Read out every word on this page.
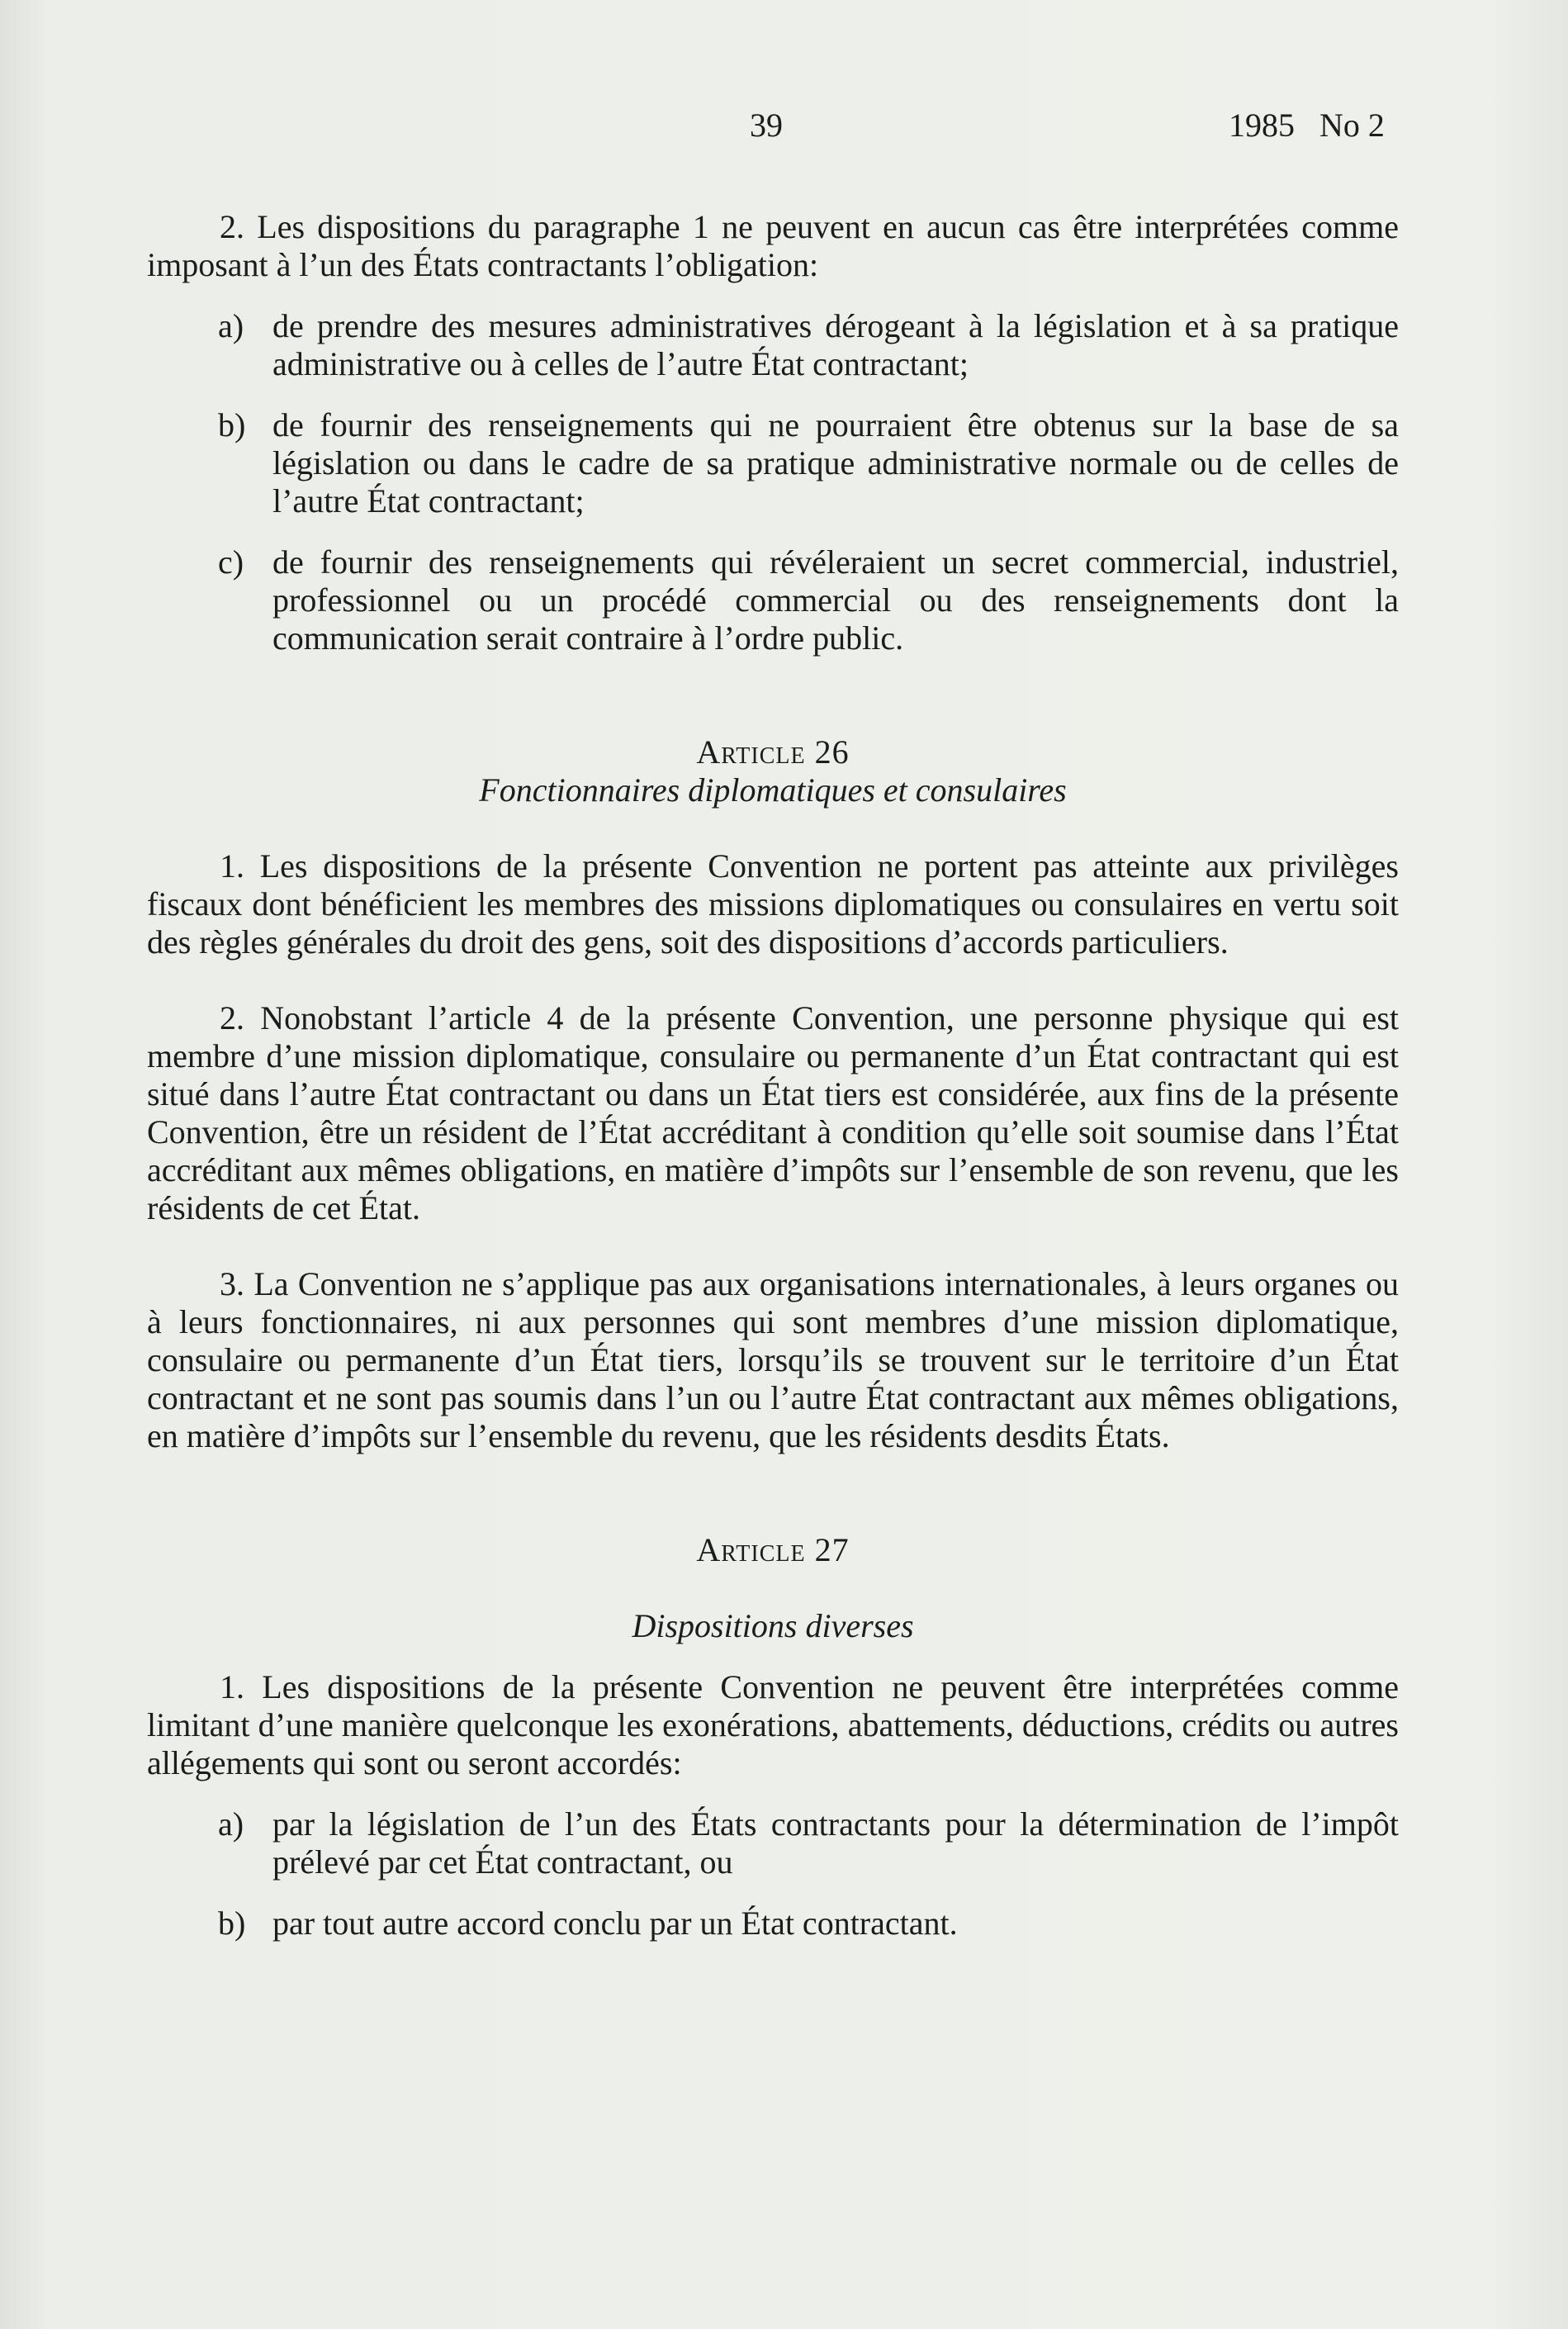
39	1985 No 2

2. Les dispositions du paragraphe 1 ne peuvent en aucun cas être interprétées comme imposant à l’un des États contractants l’obligation:

a) de prendre des mesures administratives dérogeant à la législation et à sa pratique administrative ou à celles de l’autre État contractant;

b) de fournir des renseignements qui ne pourraient être obtenus sur la base de sa législation ou dans le cadre de sa pratique administrative normale ou de celles de l’autre État contractant;

c) de fournir des renseignements qui révéleraient un secret commercial, industriel, professionnel ou un procédé commercial ou des renseignements dont la communication serait contraire à l’ordre public.

Article 26

Fonctionnaires diplomatiques et consulaires

1. Les dispositions de la présente Convention ne portent pas atteinte aux privilèges fiscaux dont bénéficient les membres des missions diplomatiques ou consulaires en vertu soit des règles générales du droit des gens, soit des dispositions d’accords particuliers.

2. Nonobstant l’article 4 de la présente Convention, une personne physique qui est membre d’une mission diplomatique, consulaire ou permanente d’un État contractant qui est situé dans l’autre État contractant ou dans un État tiers est considérée, aux fins de la présente Convention, être un résident de l’État accréditant à condition qu’elle soit soumise dans l’État accréditant aux mêmes obligations, en matière d’impôts sur l’ensemble de son revenu, que les résidents de cet État.

3. La Convention ne s’applique pas aux organisations internationales, à leurs organes ou à leurs fonctionnaires, ni aux personnes qui sont membres d’une mission diplomatique, consulaire ou permanente d’un État tiers, lorsqu’ils se trouvent sur le territoire d’un État contractant et ne sont pas soumis dans l’un ou l’autre État contractant aux mêmes obligations, en matière d’impôts sur l’ensemble du revenu, que les résidents desdits États.

Article 27

Dispositions diverses

1. Les dispositions de la présente Convention ne peuvent être interprétées comme limitant d’une manière quelconque les exonérations, abattements, déductions, crédits ou autres allégements qui sont ou seront accordés:

a) par la législation de l’un des États contractants pour la détermination de l’impôt prélevé par cet État contractant, ou

b) par tout autre accord conclu par un État contractant.
